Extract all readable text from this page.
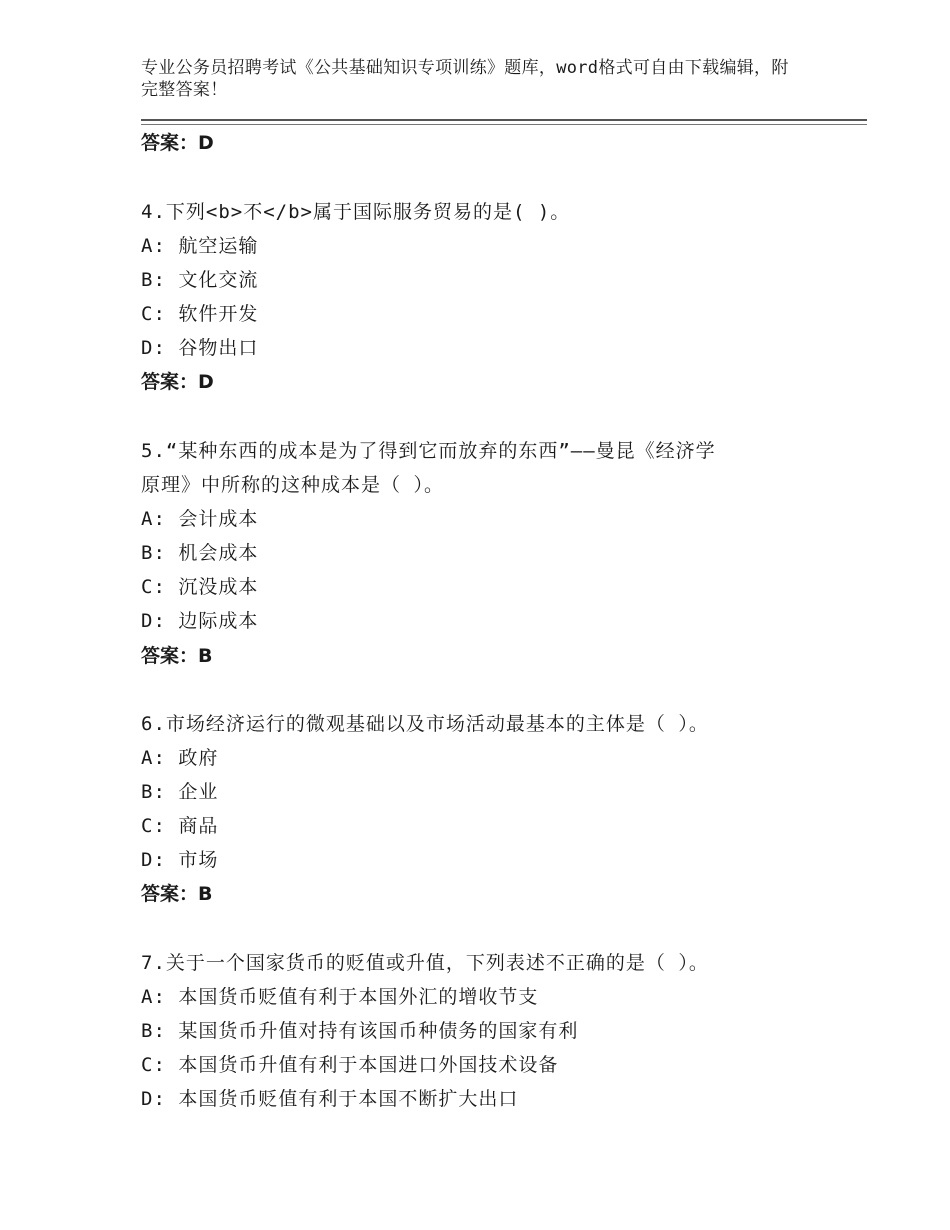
专业公务员招聘考试《公共基础知识专项训练》题库，word格式可自由下载编辑，附完整答案！
答案：D
4.下列<b>不</b>属于国际服务贸易的是( )。
A: 航空运输
B: 文化交流
C: 软件开发
D: 谷物出口
答案：D
5.“某种东西的成本是为了得到它而放弃的东西”——曼昆《经济学
原理》中所称的这种成本是（ ）。
A: 会计成本
B: 机会成本
C: 沉没成本
D: 边际成本
答案：B
6.市场经济运行的微观基础以及市场活动最基本的主体是（ ）。
A: 政府
B: 企业
C: 商品
D: 市场
答案：B
7.关于一个国家货币的贬值或升值，下列表述不正确的是（ ）。
A: 本国货币贬值有利于本国外汇的增收节支
B: 某国货币升值对持有该国币种债务的国家有利
C: 本国货币升值有利于本国进口外国技术设备
D: 本国货币贬值有利于本国不断扩大出口
